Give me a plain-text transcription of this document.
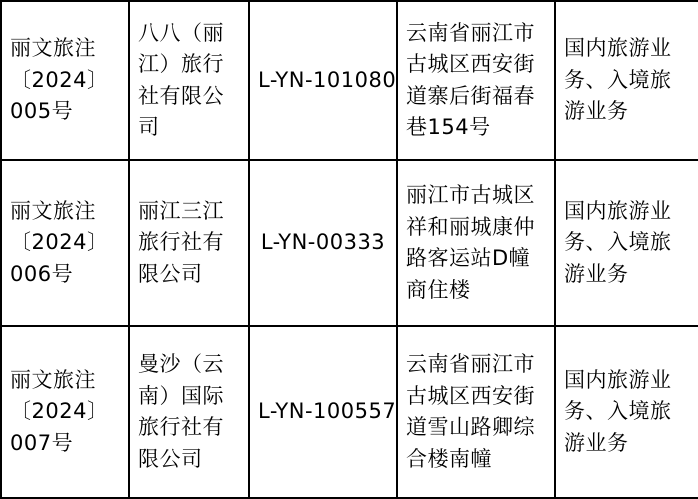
丽文旅注〔2024〕005号	八八（丽江）旅行社有限公司	L-YN-101080	云南省丽江市古城区西安街道寨后街福春巷154号	国内旅游业务、入境旅游业务
丽文旅注〔2024〕006号	丽江三江旅行社有限公司	L-YN-00333	丽江市古城区祥和丽城康仲路客运站D幢商住楼	国内旅游业务、入境旅游业务
丽文旅注〔2024〕007号	曼沙（云南）国际旅行社有限公司	L-YN-100557	云南省丽江市古城区西安街道雪山路卿综合楼南幢	国内旅游业务、入境旅游业务
